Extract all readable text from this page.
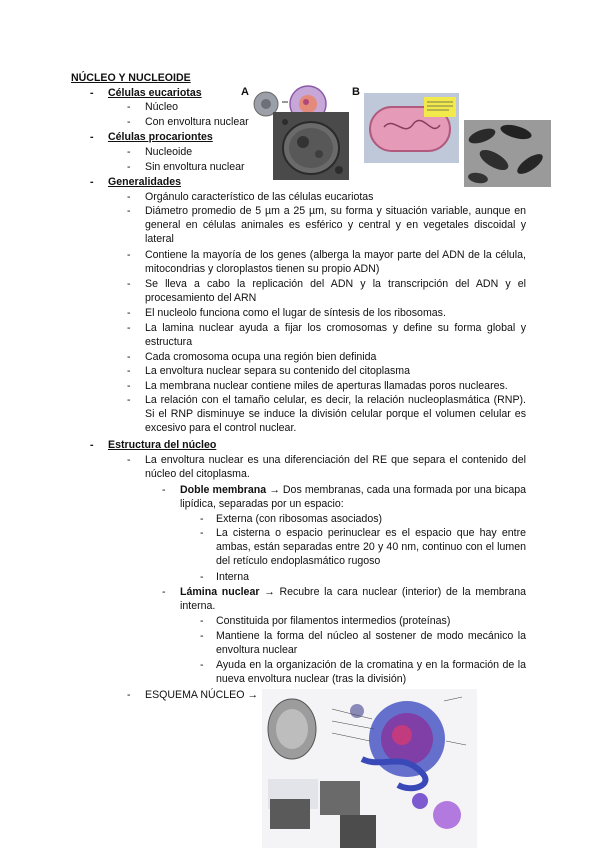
NÚCLEO Y NUCLEOIDE
- Células eucariotas
- Núcleo
- Con envoltura nuclear
- Células procariontes
- Nucleoide
- Sin envoltura nuclear
- Generalidades
- Orgánulo característico de las células eucariotas
- Diámetro promedio de 5 µm a 25 µm, su forma y situación variable, aunque en general en células animales es esférico y central y en vegetales discoidal y lateral
- Contiene la mayoría de los genes (alberga la mayor parte del ADN de la célula, mitocondrias y cloroplastos tienen su propio ADN)
- Se lleva a cabo la replicación del ADN y la transcripción del ADN y el procesamiento del ARN
- El nucleolo funciona como el lugar de síntesis de los ribosomas.
- La lamina nuclear ayuda a fijar los cromosomas y define su forma global y estructura
- Cada cromosoma ocupa una región bien definida
- La envoltura nuclear separa su contenido del citoplasma
- La membrana nuclear contiene miles de aperturas llamadas poros nucleares.
- La relación con el tamaño celular, es decir, la relación nucleoplasmática (RNP). Si el RNP disminuye se induce la división celular porque el volumen celular es excesivo para el control nuclear.
- Estructura del núcleo
- La envoltura nuclear es una diferenciación del RE que separa el contenido del núcleo del citoplasma.
- Doble membrana → Dos membranas, cada una formada por una bicapa lipídica, separadas por un espacio:
- Externa (con ribosomas asociados)
- La cisterna o espacio perinuclear es el espacio que hay entre ambas, están separadas entre 20 y 40 nm, continuo con el lumen del retículo endoplasmático rugoso
- Interna
- Lámina nuclear → Recubre la cara nuclear (interior) de la membrana interna.
- Constituida por filamentos intermedios (proteínas)
- Mantiene la forma del núcleo al sostener de modo mecánico la envoltura nuclear
- Ayuda en la organización de la cromatina y en la formación de la nueva envoltura nuclear (tras la división)
- ESQUEMA NÚCLEO →
A	B
